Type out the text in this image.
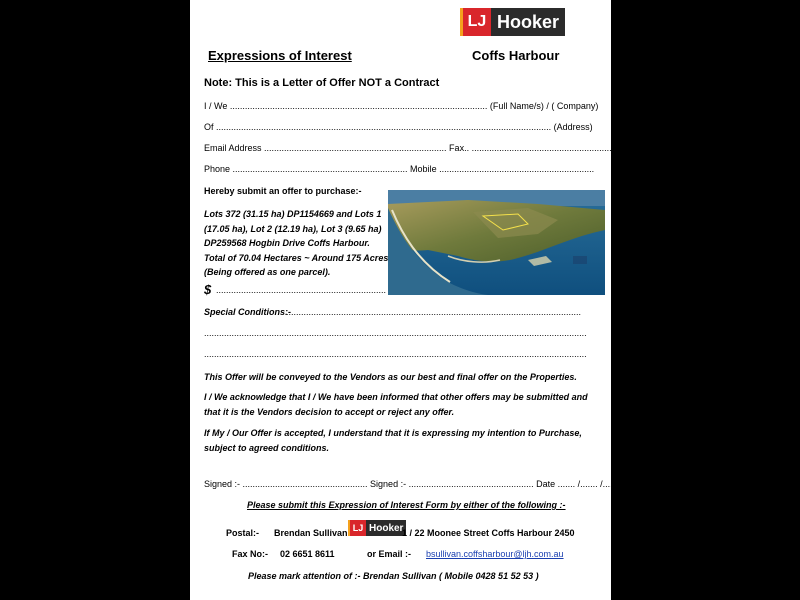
LJ Hooker
Expressions of Interest	Coffs Harbour
Note: This is a Letter of Offer NOT a Contract
I / We ....................................................................................................... (Full Name/s) / ( Company)
Of ...................................................................................................................................... (Address)
Email Address ......................................................................... Fax.. .........................................................
Phone ...................................................................... Mobile ..............................................................
Hereby submit an offer to purchase:-
Lots 372 (31.15 ha) DP1154669 and Lots 1
(17.05 ha), Lot 2 (12.19 ha), Lot 3 (9.65 ha)
DP259568 Hogbin Drive Coffs Harbour.
Total of 70.04 Hectares ~ Around 175 Acres
(Being offered as one parcel).
$ ....................................................................
Special Conditions:-
......................................................................................................................
.........................................................................................................................................................
.........................................................................................................................................................
This Offer will be conveyed to the Vendors as our best and final offer on the Properties.
I / We acknowledge that I / We have been informed that other offers may be submitted and
that it is the Vendors decision to accept or reject any offer.
If My / Our Offer is accepted, I understand that it is expressing my intention to Purchase,
subject to agreed conditions.
Signed :- .................................................. Signed :- .................................................. Date ....... /....... /.......
Please submit this Expression of Interest Form by either of the following :-
Postal:- Brendan Sullivan LJ Hooker
1 / 22 Moonee Street Coffs Harbour 2450
Fax No:- 02 6651 8611	or Email :- bsullivan.coffsharbour@ljh.com.au
Please mark attention of :- Brendan Sullivan ( Mobile 0428 51 52 53 )
